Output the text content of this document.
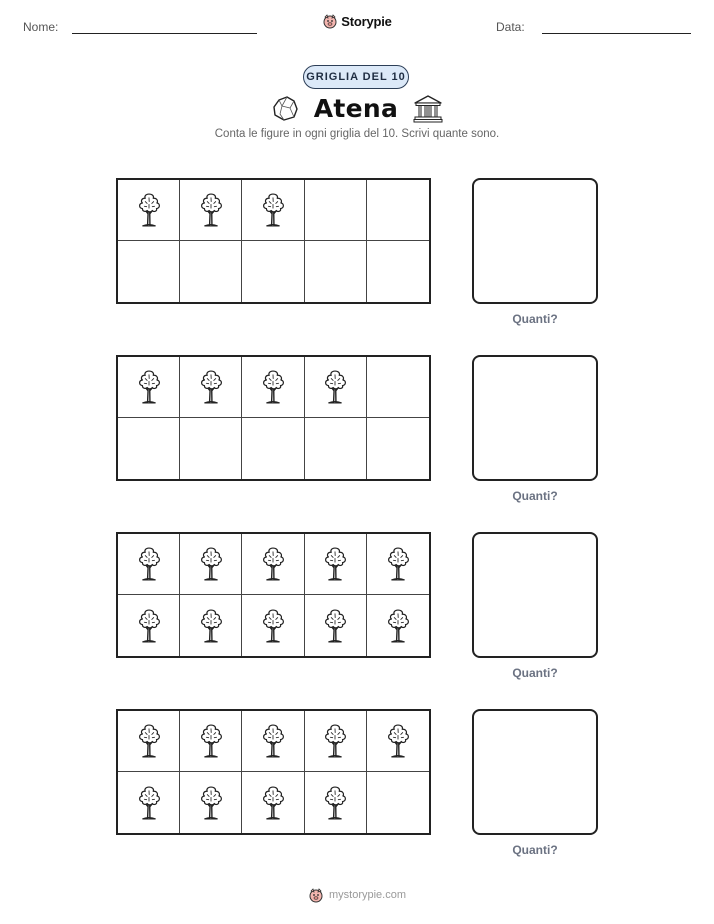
Nome:	Storypie	Data:
GRIGLIA DEL 10
Atena
Conta le figure in ogni griglia del 10. Scrivi quante sono.
Quanti?
Quanti?
Quanti?
Quanti?
mystorypie.com
